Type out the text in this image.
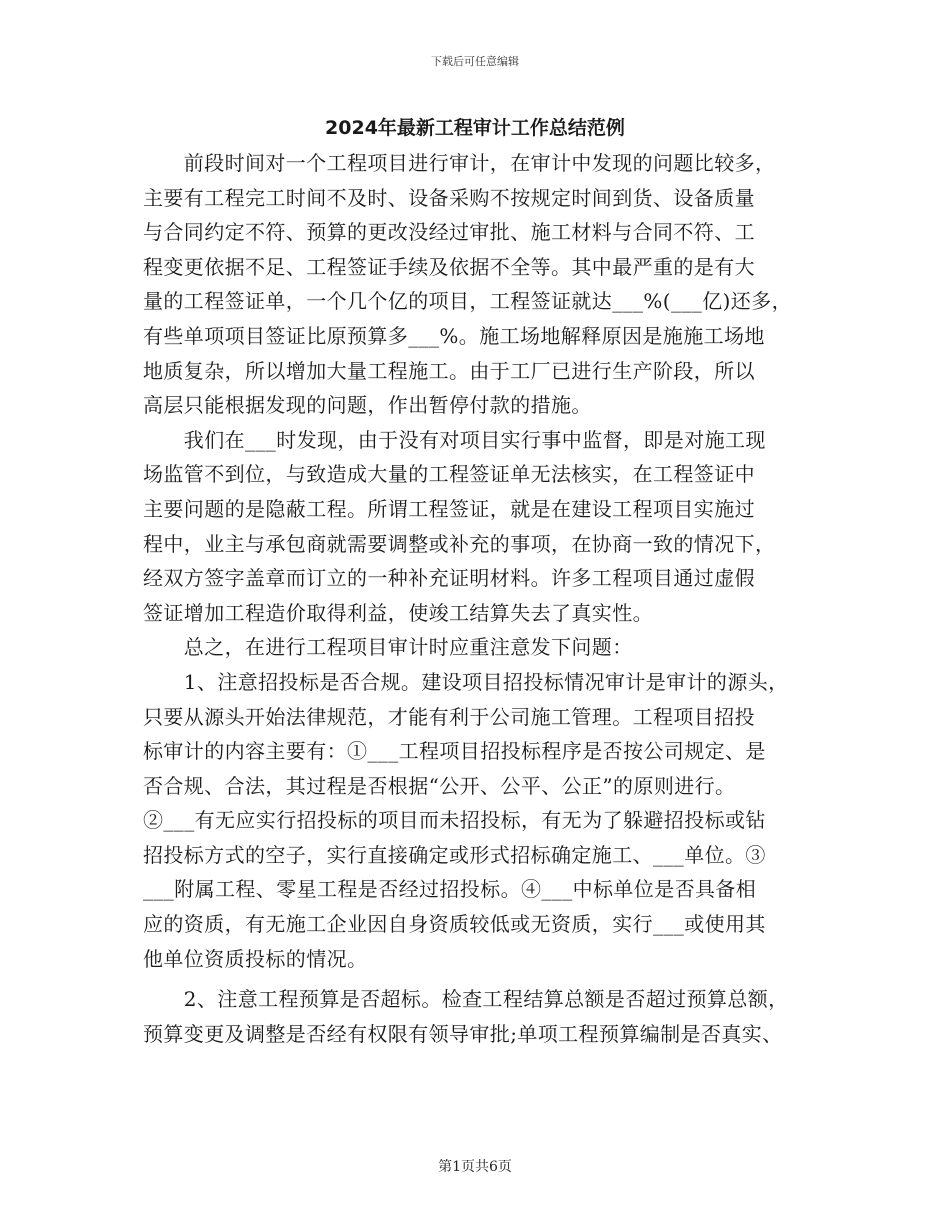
下载后可任意编辑
2024年最新工程审计工作总结范例
　　前段时间对一个工程项目进行审计，在审计中发现的问题比较多，
主要有工程完工时间不及时、设备采购不按规定时间到货、设备质量
与合同约定不符、预算的更改没经过审批、施工材料与合同不符、工
程变更依据不足、工程签证手续及依据不全等。其中最严重的是有大
量的工程签证单，一个几个亿的项目，工程签证就达___%(___亿)还多，
有些单项项目签证比原预算多___%。施工场地解释原因是施施工场地
地质复杂，所以增加大量工程施工。由于工厂已进行生产阶段，所以
高层只能根据发现的问题，作出暂停付款的措施。
　　我们在___时发现，由于没有对项目实行事中监督，即是对施工现
场监管不到位，与致造成大量的工程签证单无法核实，在工程签证中
主要问题的是隐蔽工程。所谓工程签证，就是在建设工程项目实施过
程中，业主与承包商就需要调整或补充的事项，在协商一致的情况下，
经双方签字盖章而订立的一种补充证明材料。许多工程项目通过虚假
签证增加工程造价取得利益，使竣工结算失去了真实性。
　　总之，在进行工程项目审计时应重注意发下问题：
　　1、注意招投标是否合规。建设项目招投标情况审计是审计的源头，
只要从源头开始法律规范，才能有利于公司施工管理。工程项目招投
标审计的内容主要有：①___工程项目招投标程序是否按公司规定、是
否合规、合法，其过程是否根据“公开、公平、公正”的原则进行。
②___有无应实行招投标的项目而未招投标，有无为了躲避招投标或钻
招投标方式的空子，实行直接确定或形式招标确定施工、___单位。③
___附属工程、零星工程是否经过招投标。④___中标单位是否具备相
应的资质，有无施工企业因自身资质较低或无资质，实行___或使用其
他单位资质投标的情况。
　　2、注意工程预算是否超标。检查工程结算总额是否超过预算总额，
预算变更及调整是否经有权限有领导审批;单项工程预算编制是否真实、
第1页共6页
